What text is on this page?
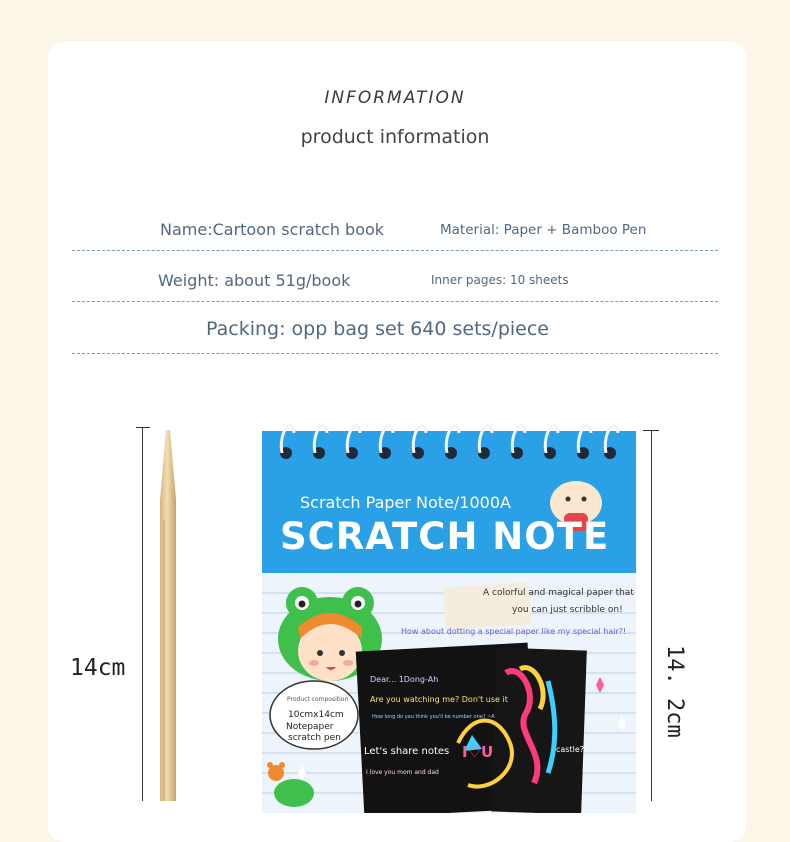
INFORMATION
product information
Name:Cartoon scratch book	Material: Paper + Bamboo Pen
Weight: about 51g/book	Inner pages: 10 sheets
Packing: opp bag set 640 sets/piece
14cm	14. 2cm
Scratch Paper Note/1000A
SCRATCH NOTE
A colorful and magical paper that
you can just scribble on!
How about dotting a special paper like my special hair?!
Product composition
10cmx14cm
Notepaper
scratch pen
Dear... 1Dong-Ah
Are you watching me? Don't use it
How long do you think you'll be number one? ~A
Let's share notes
I love you mom and dad
I♡U	castle?!
